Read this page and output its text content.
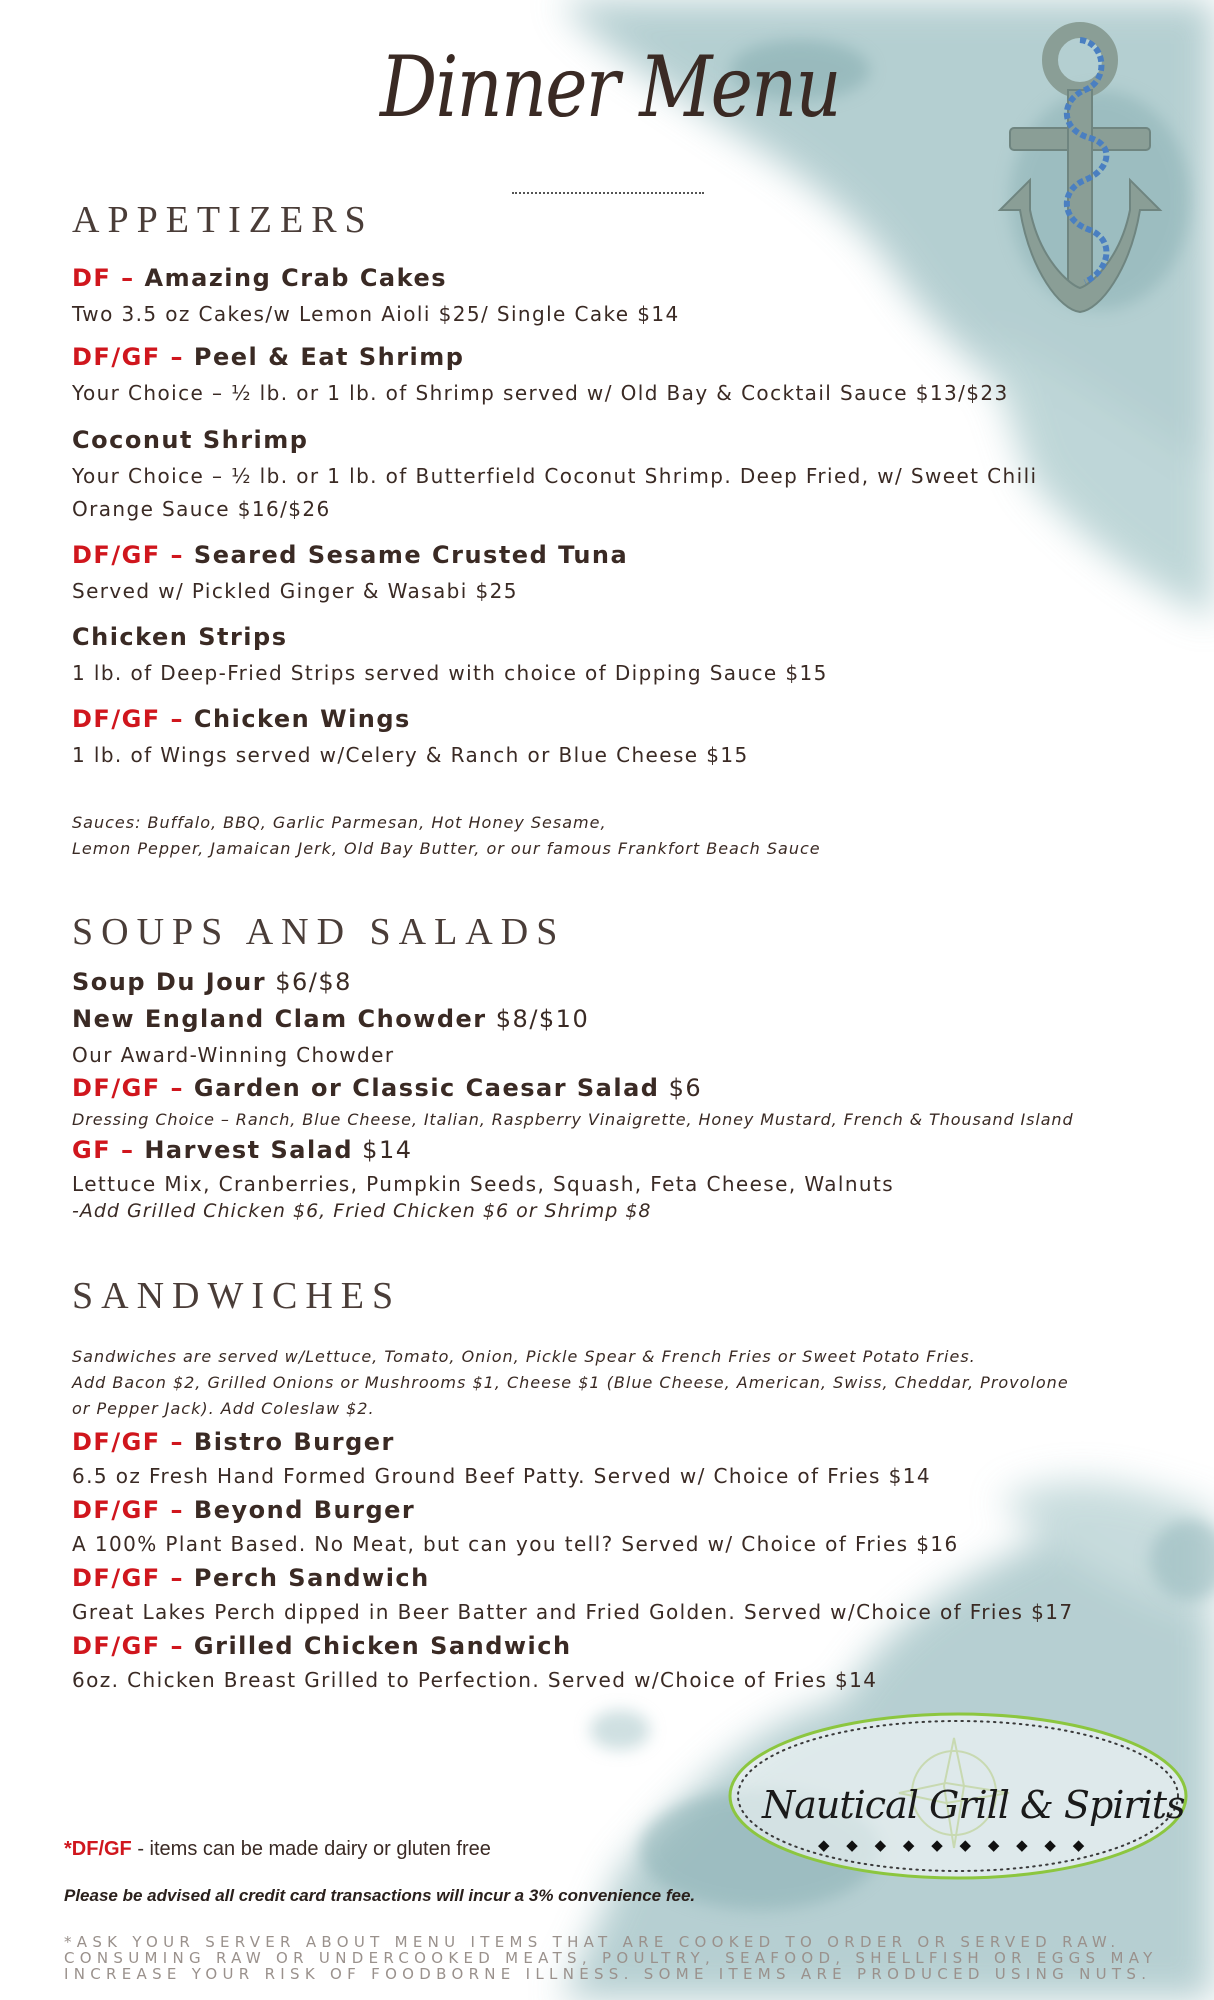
Dinner Menu
APPETIZERS
DF – Amazing Crab Cakes
Two 3.5 oz Cakes/w Lemon Aioli $25/ Single Cake $14
DF/GF – Peel & Eat Shrimp
Your Choice – ½ lb. or 1 lb. of Shrimp served w/ Old Bay & Cocktail Sauce $13/$23
Coconut Shrimp
Your Choice – ½ lb. or 1 lb. of Butterfield Coconut Shrimp. Deep Fried, w/ Sweet Chili
Orange Sauce $16/$26
DF/GF – Seared Sesame Crusted Tuna
Served w/ Pickled Ginger & Wasabi $25
Chicken Strips
1 lb. of Deep-Fried Strips served with choice of Dipping Sauce $15
DF/GF – Chicken Wings
1 lb. of Wings served w/Celery & Ranch or Blue Cheese $15
Sauces: Buffalo, BBQ, Garlic Parmesan, Hot Honey Sesame,
Lemon Pepper, Jamaican Jerk, Old Bay Butter, or our famous Frankfort Beach Sauce
SOUPS AND SALADS
Soup Du Jour $6/$8
New England Clam Chowder $8/$10
Our Award-Winning Chowder
DF/GF – Garden or Classic Caesar Salad $6
Dressing Choice – Ranch, Blue Cheese, Italian, Raspberry Vinaigrette, Honey Mustard, French & Thousand Island
GF – Harvest Salad $14
Lettuce Mix, Cranberries, Pumpkin Seeds, Squash, Feta Cheese, Walnuts
-Add Grilled Chicken $6, Fried Chicken $6 or Shrimp $8
SANDWICHES
Sandwiches are served w/Lettuce, Tomato, Onion, Pickle Spear & French Fries or Sweet Potato Fries.
Add Bacon $2, Grilled Onions or Mushrooms $1, Cheese $1 (Blue Cheese, American, Swiss, Cheddar, Provolone
or Pepper Jack). Add Coleslaw $2.
DF/GF – Bistro Burger
6.5 oz Fresh Hand Formed Ground Beef Patty. Served w/ Choice of Fries $14
DF/GF – Beyond Burger
A 100% Plant Based. No Meat, but can you tell? Served w/ Choice of Fries $16
DF/GF – Perch Sandwich
Great Lakes Perch dipped in Beer Batter and Fried Golden. Served w/Choice of Fries $17
DF/GF – Grilled Chicken Sandwich
6oz. Chicken Breast Grilled to Perfection. Served w/Choice of Fries $14
Nautical Grill & Spirits
◆ ◆ ◆ ◆ ◆ ◆ ◆ ◆ ◆ ◆
*DF/GF - items can be made dairy or gluten free
Please be advised all credit card transactions will incur a 3% convenience fee.
*ASK YOUR SERVER ABOUT MENU ITEMS THAT ARE COOKED TO ORDER OR SERVED RAW.
CONSUMING RAW OR UNDERCOOKED MEATS, POULTRY, SEAFOOD, SHELLFISH OR EGGS MAY
INCREASE YOUR RISK OF FOODBORNE ILLNESS. SOME ITEMS ARE PRODUCED USING NUTS.
